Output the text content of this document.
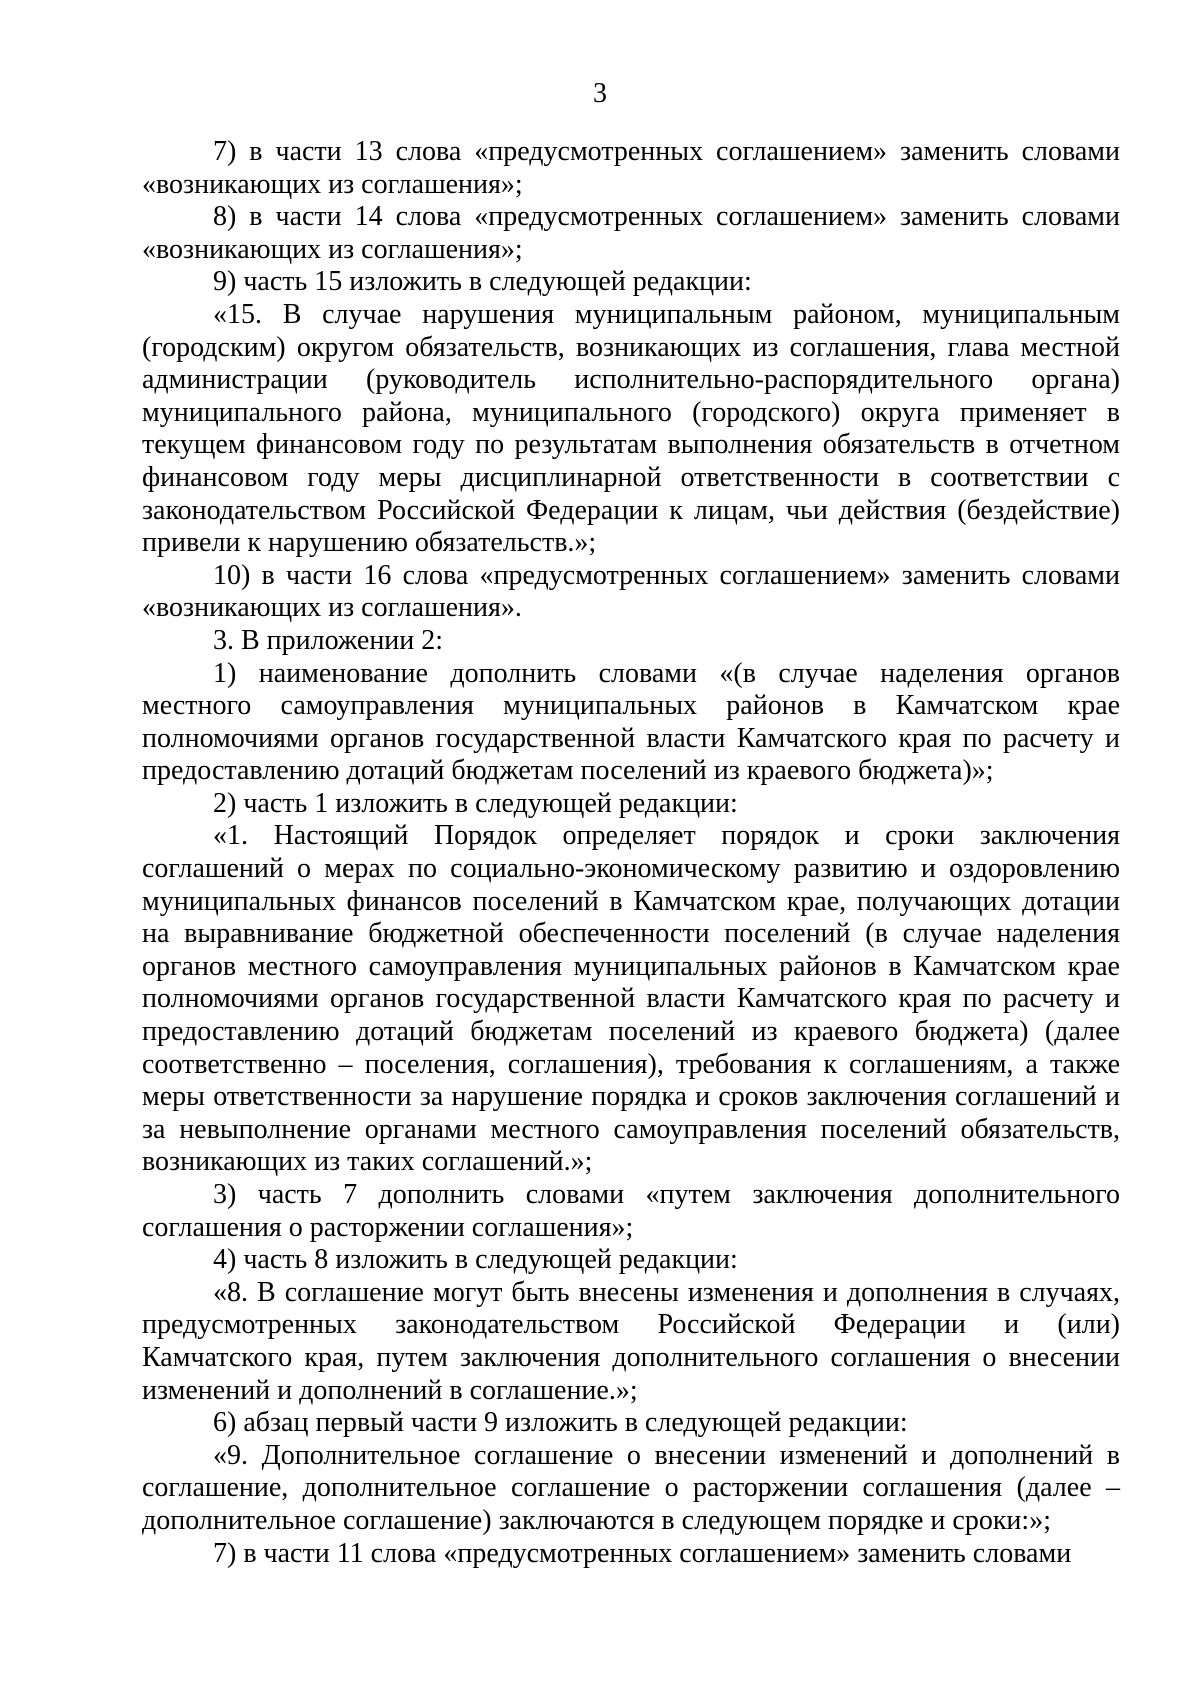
3

7) в части 13 слова «предусмотренных соглашением» заменить словами «возникающих из соглашения»;

8) в части 14 слова «предусмотренных соглашением» заменить словами «возникающих из соглашения»;

9) часть 15 изложить в следующей редакции:

«15. В случае нарушения муниципальным районом, муниципальным (городским) округом обязательств, возникающих из соглашения, глава местной администрации (руководитель исполнительно-распорядительного органа) муниципального района, муниципального (городского) округа применяет в текущем финансовом году по результатам выполнения обязательств в отчетном финансовом году меры дисциплинарной ответственности в соответствии с законодательством Российской Федерации к лицам, чьи действия (бездействие) привели к нарушению обязательств.»;

10) в части 16 слова «предусмотренных соглашением» заменить словами «возникающих из соглашения».

3. В приложении 2:

1) наименование дополнить словами «(в случае наделения органов местного самоуправления муниципальных районов в Камчатском крае полномочиями органов государственной власти Камчатского края по расчету и предоставлению дотаций бюджетам поселений из краевого бюджета)»;

2) часть 1 изложить в следующей редакции:

«1. Настоящий Порядок определяет порядок и сроки заключения соглашений о мерах по социально-экономическому развитию и оздоровлению муниципальных финансов поселений в Камчатском крае, получающих дотации на выравнивание бюджетной обеспеченности поселений (в случае наделения органов местного самоуправления муниципальных районов в Камчатском крае полномочиями органов государственной власти Камчатского края по расчету и предоставлению дотаций бюджетам поселений из краевого бюджета) (далее соответственно – поселения, соглашения), требования к соглашениям, а также меры ответственности за нарушение порядка и сроков заключения соглашений и за невыполнение органами местного самоуправления поселений обязательств, возникающих из таких соглашений.»;

3) часть 7 дополнить словами «путем заключения дополнительного соглашения о расторжении соглашения»;

4) часть 8 изложить в следующей редакции:

«8. В соглашение могут быть внесены изменения и дополнения в случаях, предусмотренных законодательством Российской Федерации и (или) Камчатского края, путем заключения дополнительного соглашения о внесении изменений и дополнений в соглашение.»;

6) абзац первый части 9 изложить в следующей редакции:

«9. Дополнительное соглашение о внесении изменений и дополнений в соглашение, дополнительное соглашение о расторжении соглашения (далее – дополнительное соглашение) заключаются в следующем порядке и сроки:»;

7) в части 11 слова «предусмотренных соглашением» заменить словами
